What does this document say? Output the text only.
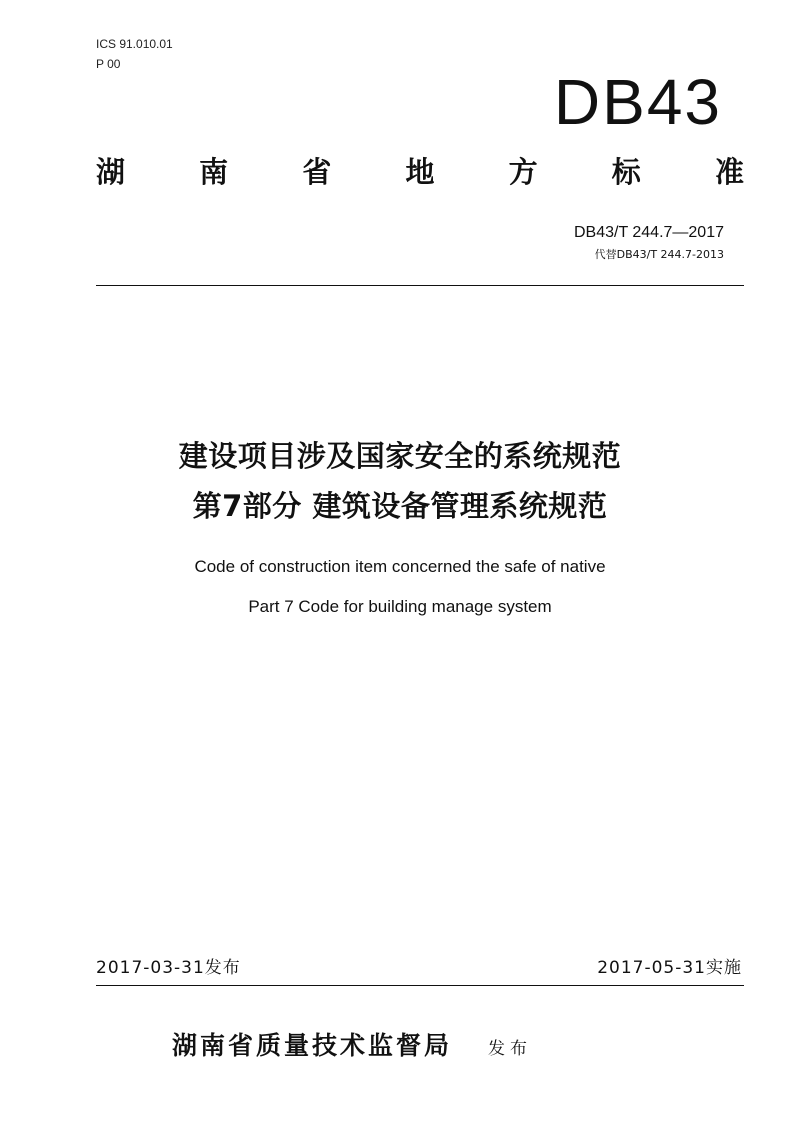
ICS 91.010.01
P 00
DB43
湖	南	省	地	方	标	准
DB43/T 244.7—2017
代替DB43/T 244.7-2013
建设项目涉及国家安全的系统规范
第7部分 建筑设备管理系统规范
Code of construction item concerned the safe of native
Part 7 Code for building manage system
2017-03-31发布	2017-05-31实施
湖南省质量技术监督局 发布
